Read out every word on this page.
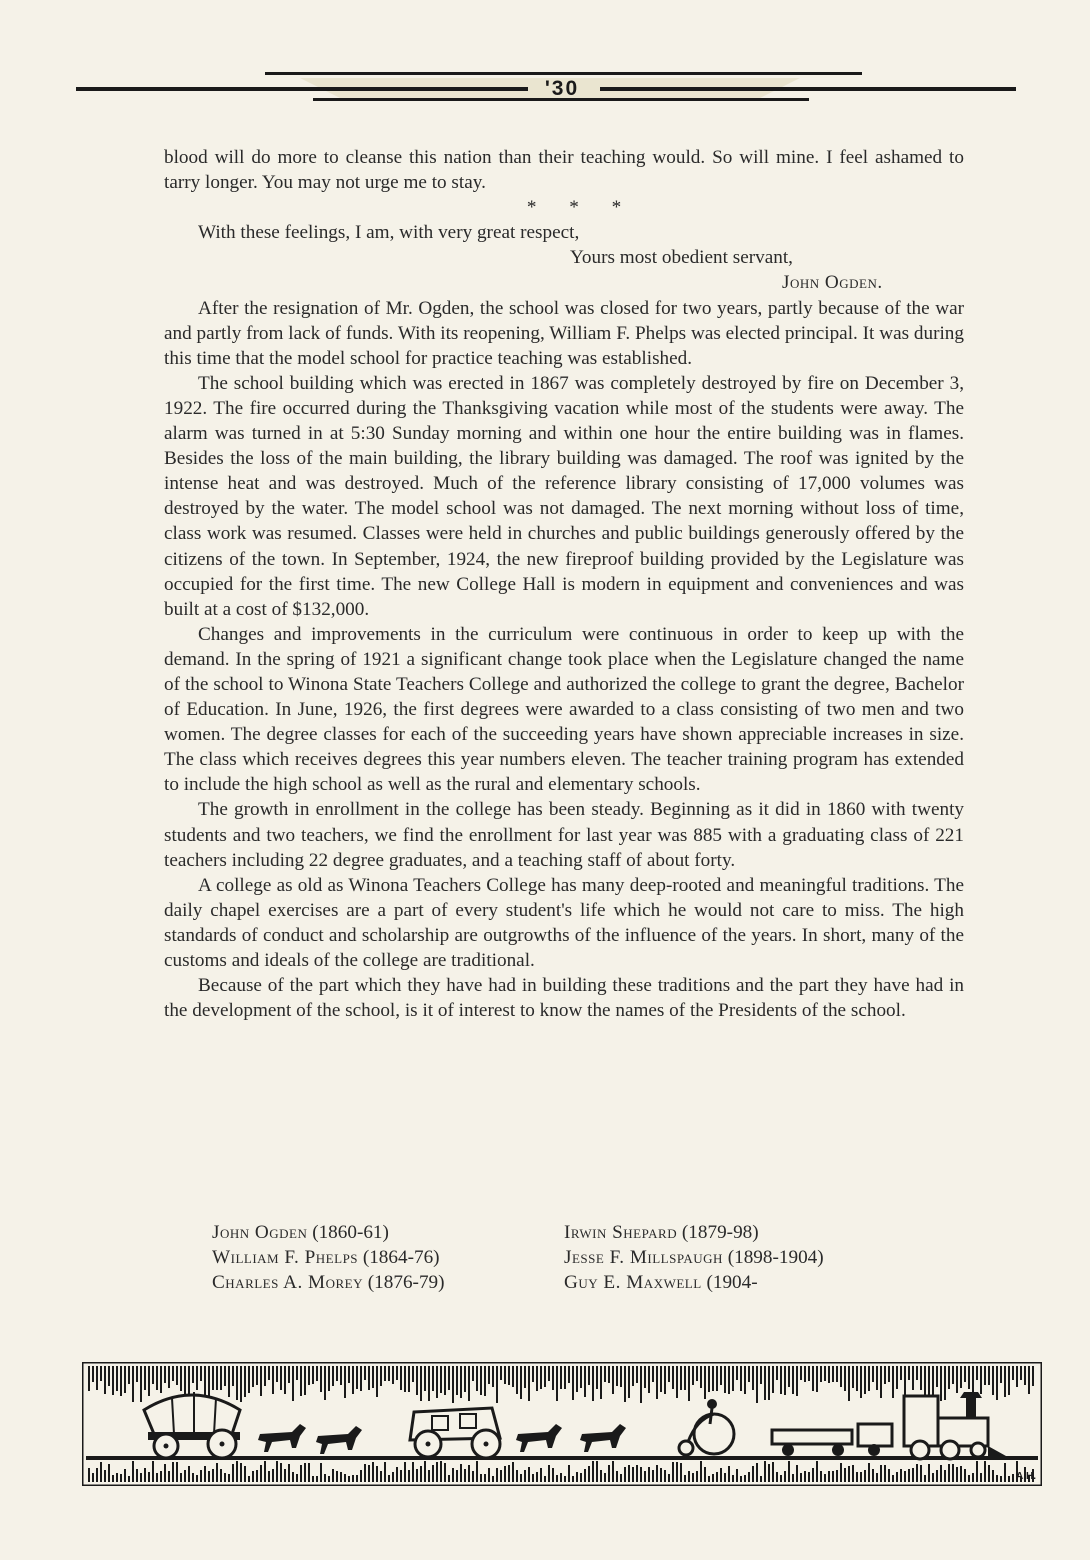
'30

blood will do more to cleanse this nation than their teaching would. So will mine. I feel ashamed to tarry longer. You may not urge me to stay.

* * *

With these feelings, I am, with very great respect,

Yours most obedient servant,

John Ogden.

After the resignation of Mr. Ogden, the school was closed for two years, partly because of the war and partly from lack of funds. With its reopening, William F. Phelps was elected principal. It was during this time that the model school for practice teaching was established.

The school building which was erected in 1867 was completely destroyed by fire on December 3, 1922. The fire occurred during the Thanksgiving vacation while most of the students were away. The alarm was turned in at 5:30 Sunday morning and within one hour the entire building was in flames. Besides the loss of the main building, the library building was damaged. The roof was ignited by the intense heat and was destroyed. Much of the reference library consisting of 17,000 volumes was destroyed by the water. The model school was not damaged. The next morning without loss of time, class work was resumed. Classes were held in churches and public buildings generously offered by the citizens of the town. In September, 1924, the new fireproof building provided by the Legislature was occupied for the first time. The new College Hall is modern in equipment and conveniences and was built at a cost of $132,000.

Changes and improvements in the curriculum were continuous in order to keep up with the demand. In the spring of 1921 a significant change took place when the Legislature changed the name of the school to Winona State Teachers College and authorized the college to grant the degree, Bachelor of Education. In June, 1926, the first degrees were awarded to a class consisting of two men and two women. The degree classes for each of the succeeding years have shown appreciable increases in size. The class which receives degrees this year numbers eleven. The teacher training program has extended to include the high school as well as the rural and elementary schools.

The growth in enrollment in the college has been steady. Beginning as it did in 1860 with twenty students and two teachers, we find the enrollment for last year was 885 with a graduating class of 221 teachers including 22 degree graduates, and a teaching staff of about forty.

A college as old as Winona Teachers College has many deep-rooted and meaningful traditions. The daily chapel exercises are a part of every student's life which he would not care to miss. The high standards of conduct and scholarship are outgrowths of the influence of the years. In short, many of the customs and ideals of the college are traditional.

Because of the part which they have had in building these traditions and the part they have had in the development of the school, is it of interest to know the names of the Presidents of the school.

John Ogden (1860-61)
William F. Phelps (1864-76)
Charles A. Morey (1876-79)
Irwin Shepard (1879-98)
Jesse F. Millspaugh (1898-1904)
Guy E. Maxwell (1904-
A.H.
